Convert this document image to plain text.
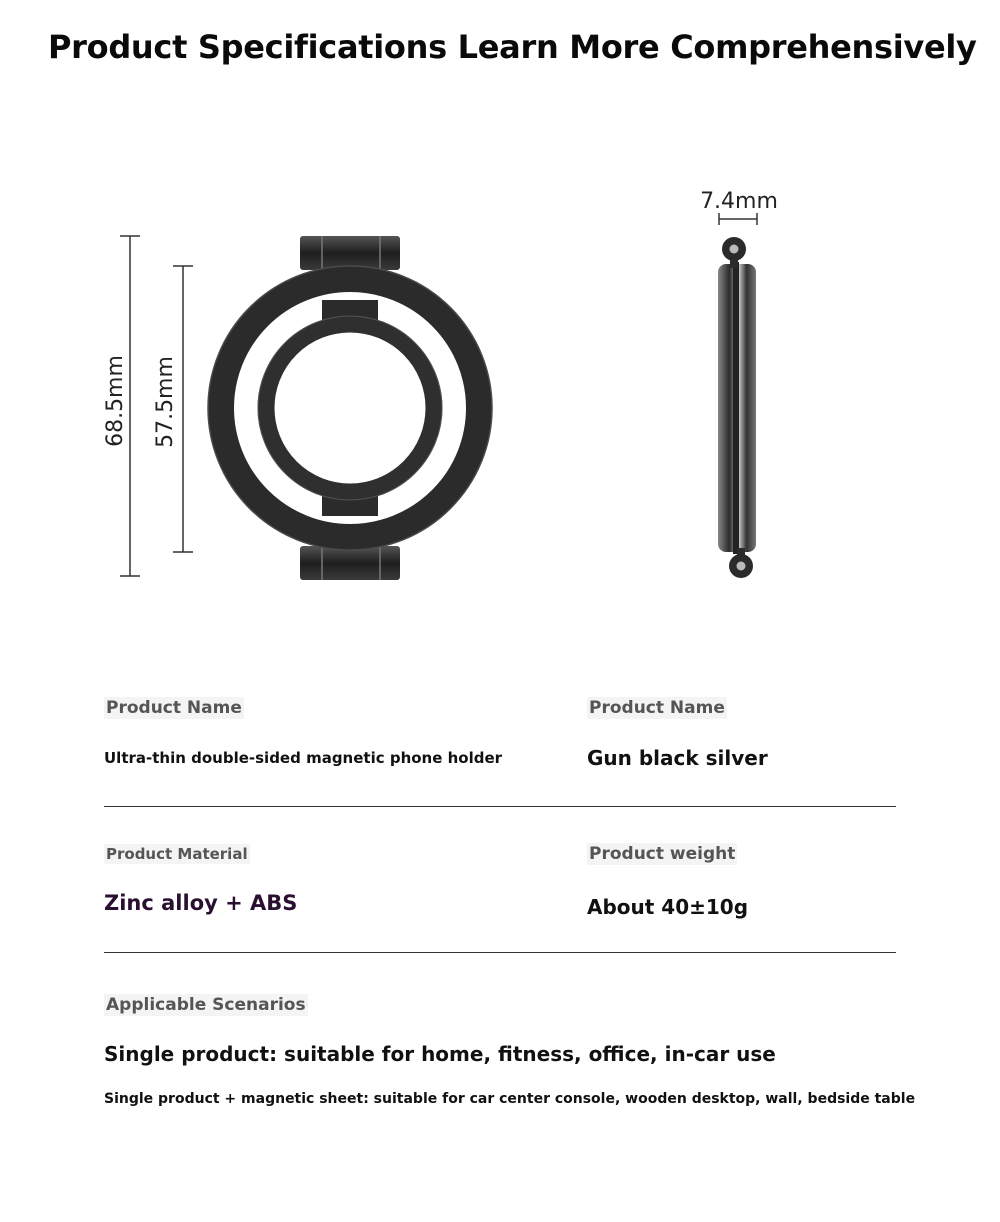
Product Specifications Learn More Comprehensively
68.5mm 57.5mm
7.4mm
Product Name
Ultra-thin double-sided magnetic phone holder
Product Name
Gun black silver
Product Material
Zinc alloy + ABS
Product weight
About 40±10g
Applicable Scenarios
Single product: suitable for home, fitness, office, in-car use
Single product + magnetic sheet: suitable for car center console, wooden desktop, wall, bedside table
